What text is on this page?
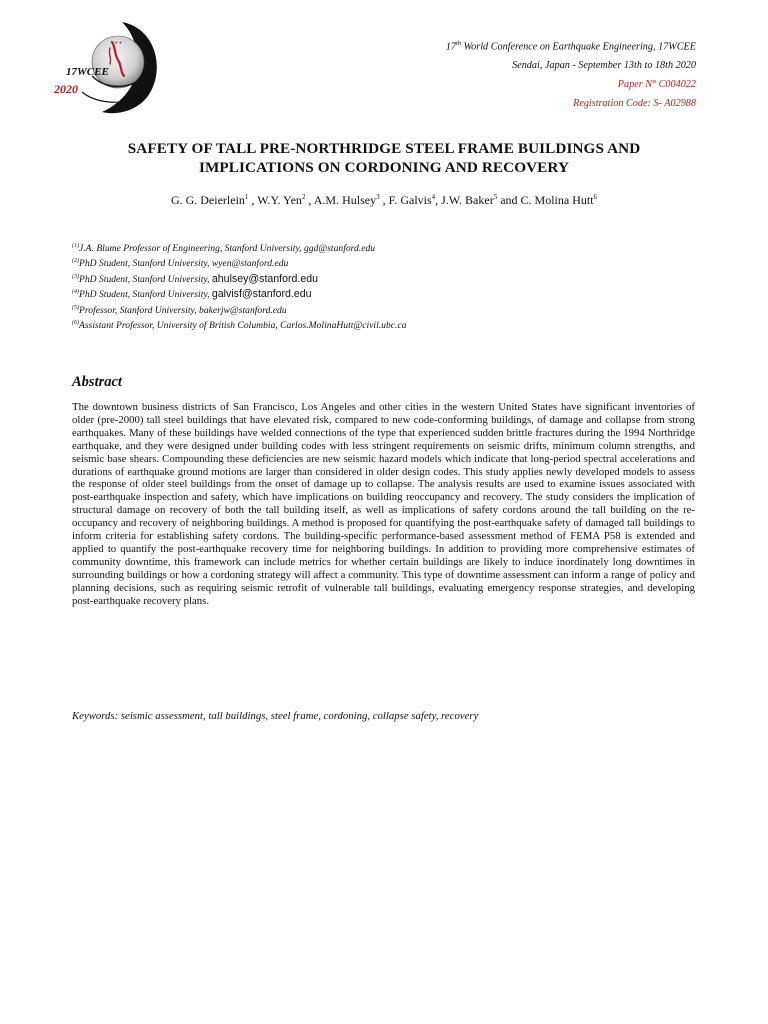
✦ ✦
17WCEE
2020
17th World Conference on Earthquake Engineering, 17WCEE
Sendai, Japan - September 13th to 18th 2020
Paper N° C004022
Registration Code: S- A02988
SAFETY OF TALL PRE-NORTHRIDGE STEEL FRAME BUILDINGS AND
IMPLICATIONS ON CORDONING AND RECOVERY
G. G. Deierlein$^1$ , W.Y. Yen$^2$ , A.M. Hulsey$^3$ , F. Galvis$^4$, J.W. Baker$^5$ and C. Molina Hutt$^6$
$^{(1)}$J.A. Blume Professor of Engineering, Stanford University, ggd@stanford.edu
$^{(2)}$PhD Student, Stanford University, wyen@stanford.edu
$^{(3)}$PhD Student, Stanford University, ahulsey@stanford.edu
$^{(4)}$PhD Student, Stanford University, galvisf@stanford.edu
$^{(5)}$Professor, Stanford University, bakerjw@stanford.edu
$^{(6)}$Assistant Professor, University of British Columbia, Carlos.MolinaHutt@civil.ubc.ca
Abstract
The downtown business districts of San Francisco, Los Angeles and other cities in the western United States have significant inventories of older (pre-2000) tall steel buildings that have elevated risk, compared to new code-conforming buildings, of damage and collapse from strong earthquakes. Many of these buildings have welded connections of the type that experienced sudden brittle fractures during the 1994 Northridge earthquake, and they were designed under building codes with less stringent requirements on seismic drifts, minimum column strengths, and seismic base shears. Compounding these deficiencies are new seismic hazard models which indicate that long-period spectral accelerations and durations of earthquake ground motions are larger than considered in older design codes. This study applies newly developed models to assess the response of older steel buildings from the onset of damage up to collapse. The analysis results are used to examine issues associated with post-earthquake inspection and safety, which have implications on building reoccupancy and recovery. The study considers the implication of structural damage on recovery of both the tall building itself, as well as implications of safety cordons around the tall building on the re-occupancy and recovery of neighboring buildings. A method is proposed for quantifying the post-earthquake safety of damaged tall buildings to inform criteria for establishing safety cordons. The building-specific performance-based assessment method of FEMA P58 is extended and applied to quantify the post-earthquake recovery time for neighboring buildings. In addition to providing more comprehensive estimates of community downtime, this framework can include metrics for whether certain buildings are likely to induce inordinately long downtimes in surrounding buildings or how a cordoning strategy will affect a community. This type of downtime assessment can inform a range of policy and planning decisions, such as requiring seismic retrofit of vulnerable tall buildings, evaluating emergency response strategies, and developing post-earthquake recovery plans.
Keywords: seismic assessment, tall buildings, steel frame, cordoning, collapse safety, recovery
